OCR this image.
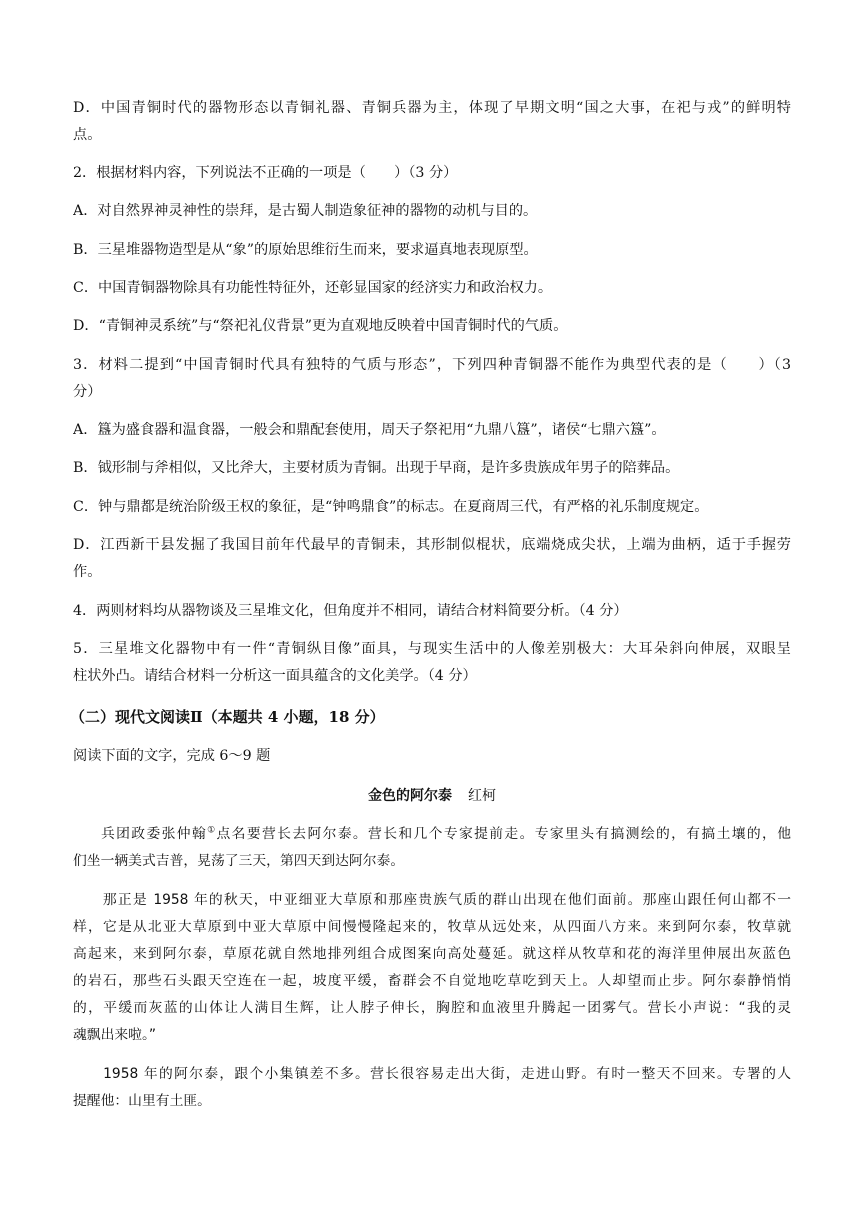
D．中国青铜时代的器物形态以青铜礼器、青铜兵器为主，体现了早期文明“国之大事，在祀与戎”的鲜明特
点。
2．根据材料内容，下列说法不正确的一项是（　　）（3 分）
A．对自然界神灵神性的崇拜，是古蜀人制造象征神的器物的动机与目的。
B．三星堆器物造型是从“象”的原始思维衍生而来，要求逼真地表现原型。
C．中国青铜器物除具有功能性特征外，还彰显国家的经济实力和政治权力。
D．“青铜神灵系统”与“祭祀礼仪背景”更为直观地反映着中国青铜时代的气质。
3．材料二提到“中国青铜时代具有独特的气质与形态”，下列四种青铜器不能作为典型代表的是（　　）（3
分）
A．簋为盛食器和温食器，一般会和鼎配套使用，周天子祭祀用“九鼎八簋”，诸侯“七鼎六簋”。
B．钺形制与斧相似，又比斧大，主要材质为青铜。出现于早商，是许多贵族成年男子的陪葬品。
C．钟与鼎都是统治阶级王权的象征，是“钟鸣鼎食”的标志。在夏商周三代，有严格的礼乐制度规定。
D．江西新干县发掘了我国目前年代最早的青铜耒，其形制似棍状，底端烧成尖状，上端为曲柄，适于手握劳
作。
4．两则材料均从器物谈及三星堆文化，但角度并不相同，请结合材料简要分析。（4 分）
5．三星堆文化器物中有一件“青铜纵目像”面具，与现实生活中的人像差别极大：大耳朵斜向伸展，双眼呈
柱状外凸。请结合材料一分析这一面具蕴含的文化美学。（4 分）
（二）现代文阅读Ⅱ（本题共 4 小题，18 分）
阅读下面的文字，完成 6～9 题
金色的阿尔泰 红柯
兵团政委张仲翰①点名要营长去阿尔泰。营长和几个专家提前走。专家里头有搞测绘的，有搞土壤的，他
们坐一辆美式吉普，晃荡了三天，第四天到达阿尔泰。
　　那正是 1958 年的秋天，中亚细亚大草原和那座贵族气质的群山出现在他们面前。那座山跟任何山都不一
样，它是从北亚大草原到中亚大草原中间慢慢隆起来的，牧草从远处来，从四面八方来。来到阿尔泰，牧草就
高起来，来到阿尔泰，草原花就自然地排列组合成图案向高处蔓延。就这样从牧草和花的海洋里伸展出灰蓝色
的岩石，那些石头跟天空连在一起，坡度平缓，畜群会不自觉地吃草吃到天上。人却望而止步。阿尔泰静悄悄
的，平缓而灰蓝的山体让人满目生辉，让人脖子伸长，胸腔和血液里升腾起一团雾气。营长小声说：“我的灵
魂飘出来啦。”
　　1958 年的阿尔泰，跟个小集镇差不多。营长很容易走出大街，走进山野。有时一整天不回来。专署的人
提醒他：山里有土匪。
